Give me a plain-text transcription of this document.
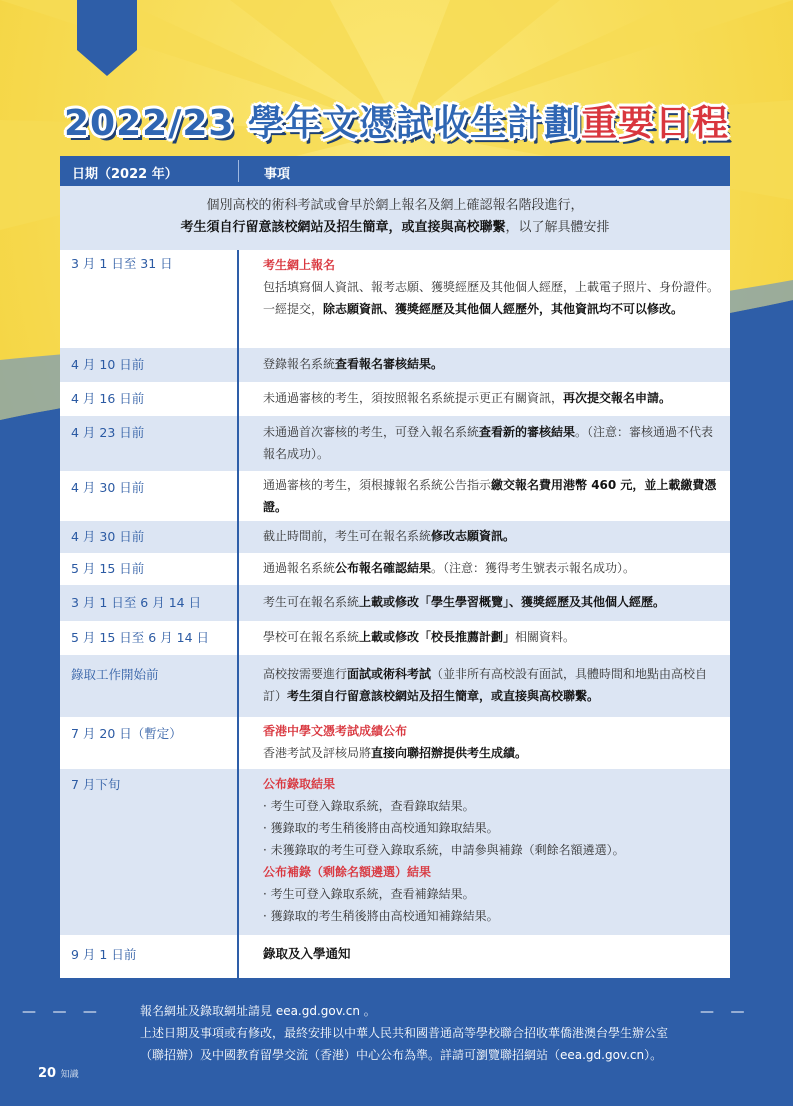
2022/23 學年文憑試收生計劃重要日程
日期（2022 年）	事項
個別高校的術科考試或會早於網上報名及網上確認報名階段進行，
考生須自行留意該校網站及招生簡章，或直接與高校聯繫，以了解具體安排
3 月 1 日至 31 日	考生網上報名
包括填寫個人資訊、報考志願、獲獎經歷及其他個人經歷，上載電子照片、身份證件。一經提交，除志願資訊、獲獎經歷及其他個人經歷外，其他資訊均不可以修改。
4 月 10 日前	登錄報名系統查看報名審核結果。
4 月 16 日前	未通過審核的考生，須按照報名系統提示更正有關資訊，再次提交報名申請。
4 月 23 日前	未通過首次審核的考生，可登入報名系統查看新的審核結果。（注意：審核通過不代表報名成功）。
4 月 30 日前	通過審核的考生，須根據報名系統公告指示繳交報名費用港幣 460 元，並上載繳費憑證。
4 月 30 日前	截止時間前，考生可在報名系統修改志願資訊。
5 月 15 日前	通過報名系統公布報名確認結果。（注意：獲得考生號表示報名成功）。
3 月 1 日至 6 月 14 日	考生可在報名系統上載或修改「學生學習概覽」、獲獎經歷及其他個人經歷。
5 月 15 日至 6 月 14 日	學校可在報名系統上載或修改「校長推薦計劃」相關資料。
錄取工作開始前	高校按需要進行面試或術科考試（並非所有高校設有面試，具體時間和地點由高校自訂）考生須自行留意該校網站及招生簡章，或直接與高校聯繫。
7 月 20 日（暫定）	香港中學文憑考試成績公布
香港考試及評核局將直接向聯招辦提供考生成績。
7 月下旬	公布錄取結果
· 考生可登入錄取系統，查看錄取結果。
· 獲錄取的考生稍後將由高校通知錄取結果。
· 未獲錄取的考生可登入錄取系統，申請參與補錄（剩餘名額遴選）。
公布補錄（剩餘名額遴選）結果
· 考生可登入錄取系統，查看補錄結果。
· 獲錄取的考生稍後將由高校通知補錄結果。
9 月 1 日前	錄取及入學通知
— — —	— —
報名網址及錄取網址請見 eea.gd.gov.cn 。
上述日期及事項或有修改，最終安排以中華人民共和國普通高等學校聯合招收華僑港澳台學生辦公室
（聯招辦）及中國教育留學交流（香港）中心公布為準。詳請可瀏覽聯招網站（eea.gd.gov.cn）。
20 知識
